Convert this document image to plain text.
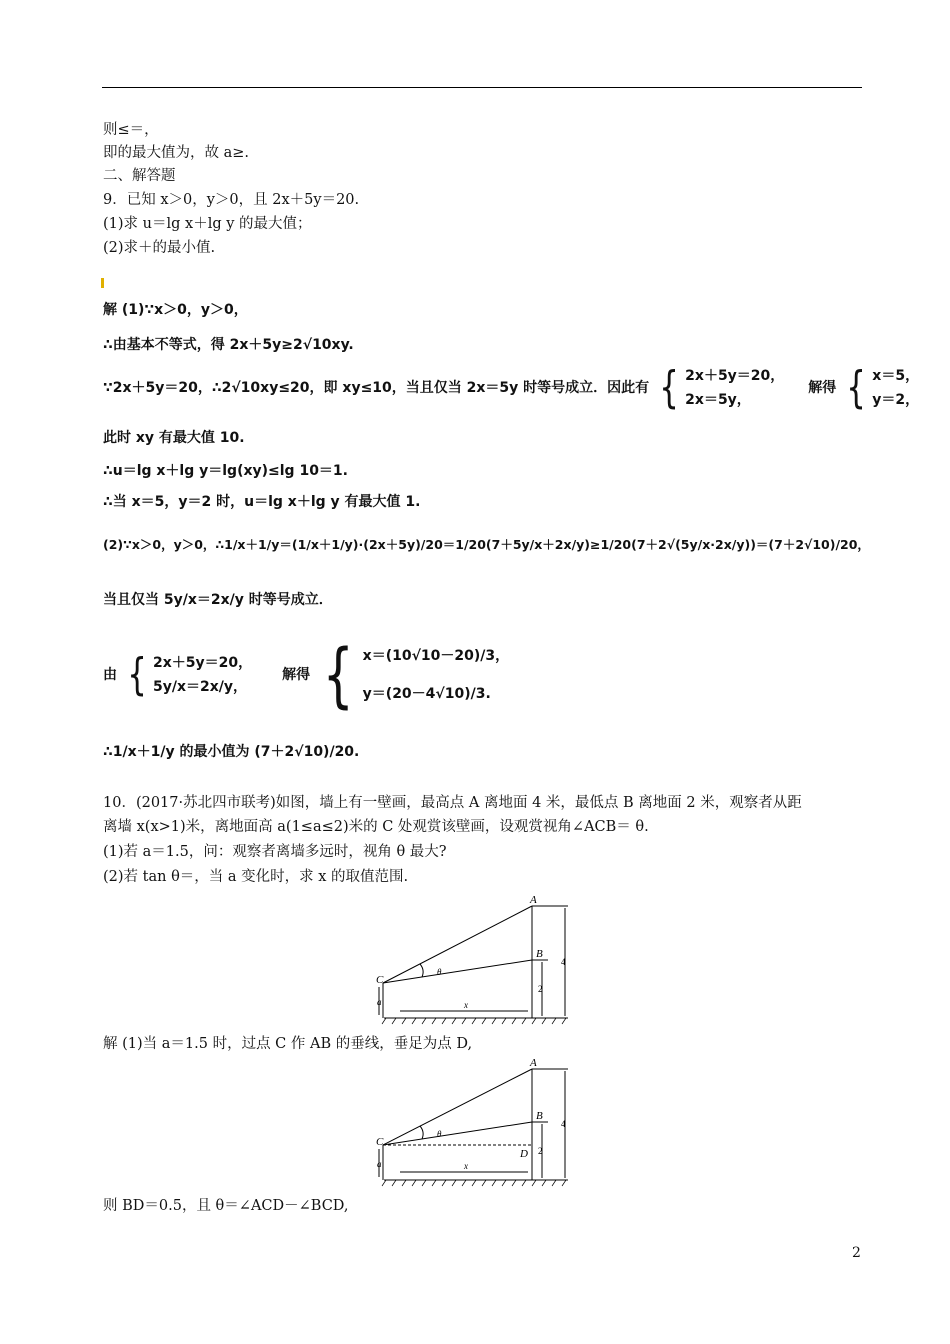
则≤＝，
即的最大值为，故 a≥.
二、解答题
9．已知 x＞0，y＞0，且 2x＋5y＝20.
(1)求 u＝lg x＋lg y 的最大值；
(2)求＋的最小值.
解 (1)∵x＞0，y＞0，
∴由基本不等式，得 2x＋5y≥2√10xy.
∵2x＋5y＝20，∴2√10xy≤20，即 xy≤10，当且仅当 2x＝5y 时等号成立．因此有 { 2x＋5y＝20，
2x＝5y，
解得 { x＝5，
y＝2，
此时 xy 有最大值 10.
∴u＝lg x＋lg y＝lg(xy)≤lg 10＝1.
∴当 x＝5，y＝2 时，u＝lg x＋lg y 有最大值 1.
(2)∵x＞0，y＞0，∴1/x＋1/y＝(1/x＋1/y)·(2x＋5y)/20＝1/20(7＋5y/x＋2x/y)≥1/20(7＋2√(5y/x·2x/y))＝(7＋2√10)/20，
当且仅当 5y/x＝2x/y 时等号成立．
由 { 2x＋5y＝20，
5y/x＝2x/y，
解得 { x＝(10√10－20)/3，
y＝(20－4√10)/3.
∴1/x＋1/y 的最小值为 (7＋2√10)/20.
10．(2017·苏北四市联考)如图，墙上有一壁画，最高点 A 离地面 4 米，最低点 B 离地面 2 米，观察者从距
离墙 x(x>1)米，离地面高 a(1≤a≤2)米的 C 处观赏该壁画，设观赏视角∠ACB＝ θ.
(1)若 a＝1.5，问：观察者离墙多远时，视角 θ 最大?
(2)若 tan θ＝，当 a 变化时，求 x 的取值范围.
A
B
C
θ
x
a
2
4
解 (1)当 a＝1.5 时，过点 C 作 AB 的垂线，垂足为点 D,
A
B
C
D
θ
x
a
2
4
则 BD＝0.5，且 θ＝∠ACD－∠BCD,
2
